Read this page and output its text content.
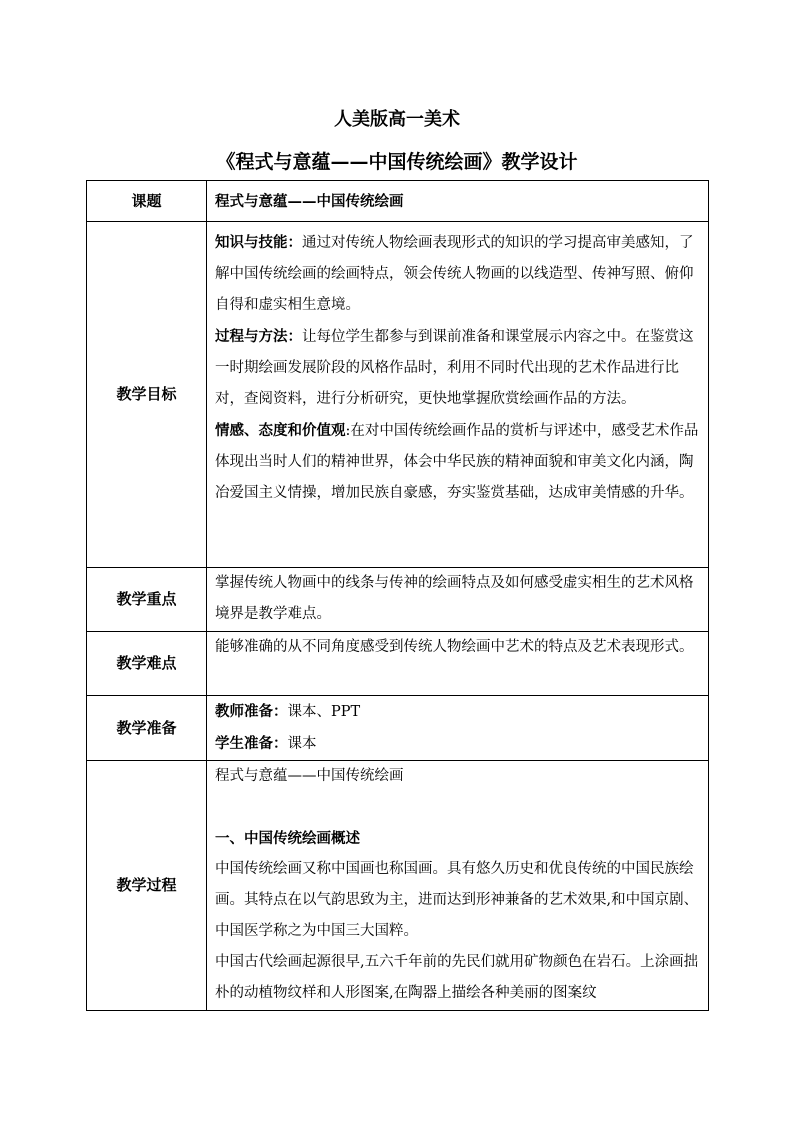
人美版高一美术
《程式与意蕴——中国传统绘画》教学设计
课题	程式与意蕴——中国传统绘画
教学目标	知识与技能：通过对传统人物绘画表现形式的知识的学习提高审美感知，了解中国传统绘画的绘画特点，领会传统人物画的以线造型、传神写照、俯仰自得和虚实相生意境。
过程与方法：让每位学生都参与到课前准备和课堂展示内容之中。在鉴赏这一时期绘画发展阶段的风格作品时，利用不同时代出现的艺术作品进行比对，查阅资料，进行分析研究，更快地掌握欣赏绘画作品的方法。
情感、态度和价值观:在对中国传统绘画作品的赏析与评述中，感受艺术作品体现出当时人们的精神世界，体会中华民族的精神面貌和审美文化内涵，陶冶爱国主义情操，增加民族自豪感，夯实鉴赏基础，达成审美情感的升华。

教学重点	掌握传统人物画中的线条与传神的绘画特点及如何感受虚实相生的艺术风格境界是教学难点。
教学难点	能够准确的从不同角度感受到传统人物绘画中艺术的特点及艺术表现形式。
教学准备	教师准备：课本、PPT
学生准备：课本

教学过程	程式与意蕴——中国传统绘画
一、中国传统绘画概述
中国传统绘画又称中国画也称国画。具有悠久历史和优良传统的中国民族绘画。其特点在以气韵思致为主，进而达到形神兼备的艺术效果,和中国京剧、中国医学称之为中国三大国粹。
中国古代绘画起源很早,五六千年前的先民们就用矿物颜色在岩石。上涂画拙朴的动植物纹样和人形图案,在陶器上描绘各种美丽的图案纹
